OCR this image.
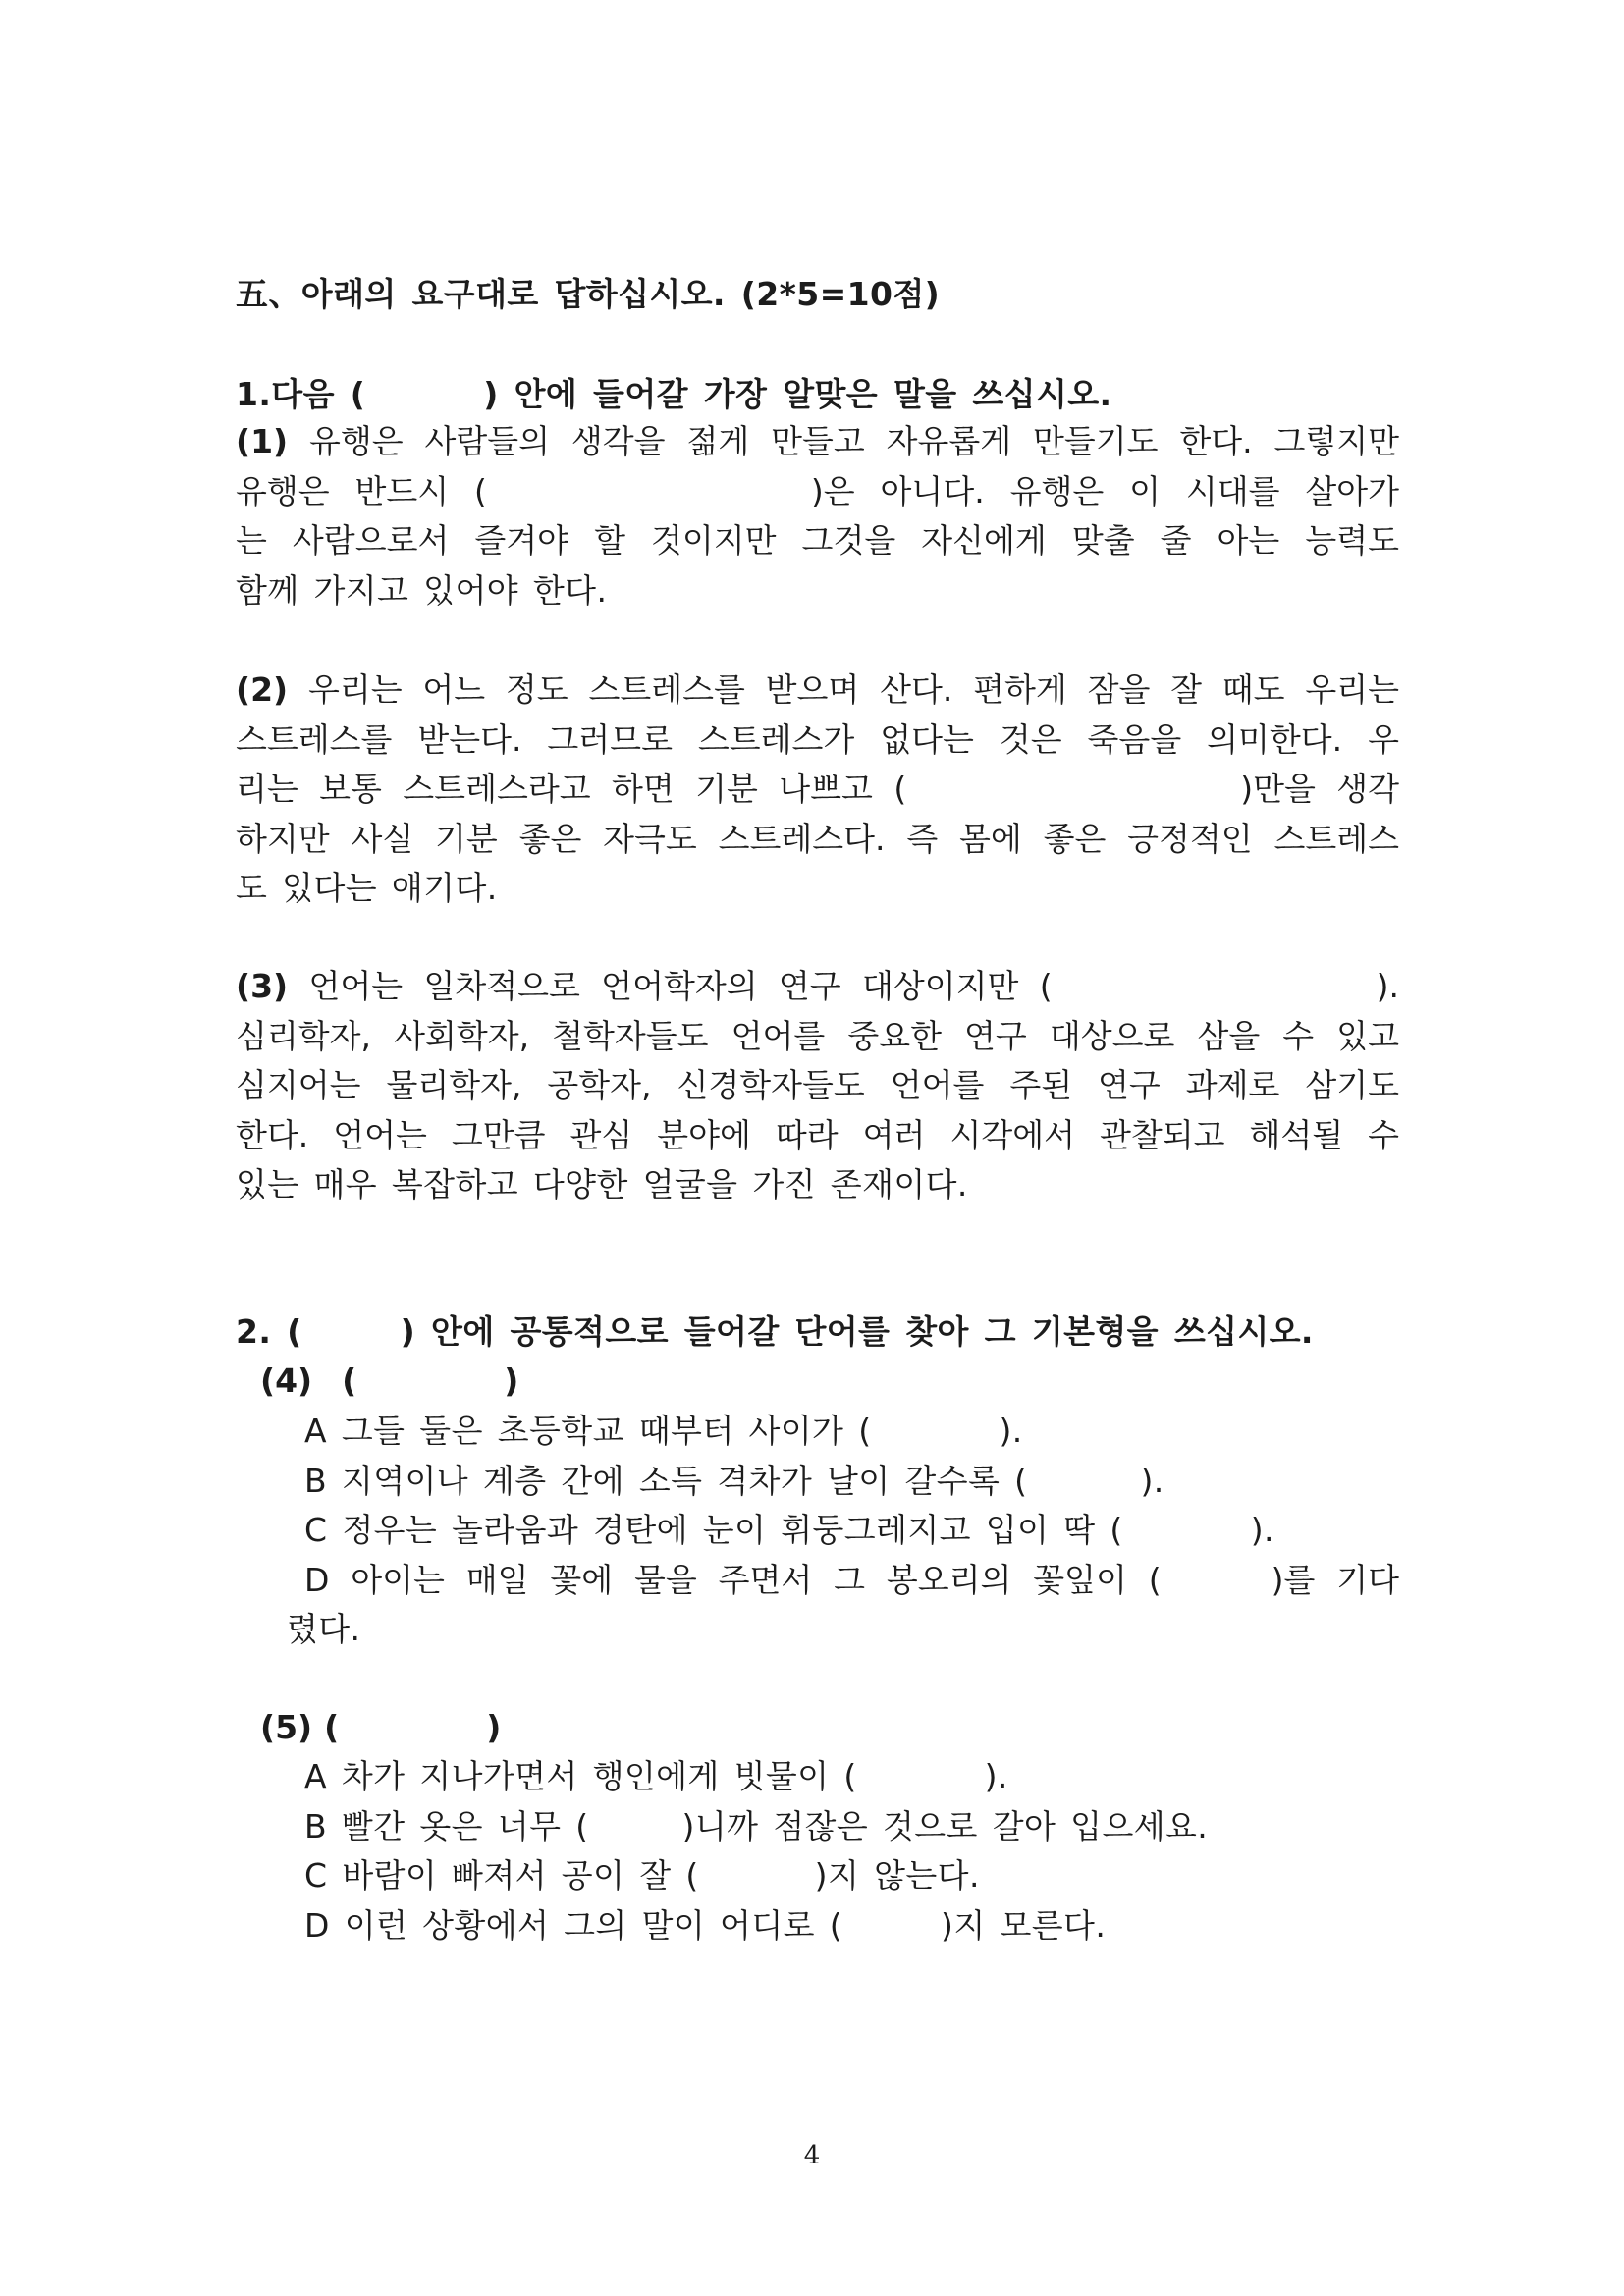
五、아래의 요구대로 답하십시오. (2*5=10점)
1.다음 (	) 안에 들어갈 가장 알맞은 말을 쓰십시오.
(1) 유행은 사람들의 생각을 젊게 만들고 자유롭게 만들기도 한다. 그렇지만
유행은 반드시 (	)은 아니다. 유행은 이 시대를 살아가
는 사람으로서 즐겨야 할 것이지만 그것을 자신에게 맞출 줄 아는 능력도
함께 가지고 있어야 한다.
(2) 우리는 어느 정도 스트레스를 받으며 산다. 편하게 잠을 잘 때도 우리는
스트레스를 받는다. 그러므로 스트레스가 없다는 것은 죽음을 의미한다. 우
리는 보통 스트레스라고 하면 기분 나쁘고 (	)만을 생각
하지만 사실 기분 좋은 자극도 스트레스다. 즉 몸에 좋은 긍정적인 스트레스
도 있다는 얘기다.
(3) 언어는 일차적으로 언어학자의 연구 대상이지만 (	).
심리학자, 사회학자, 철학자들도 언어를 중요한 연구 대상으로 삼을 수 있고
심지어는 물리학자, 공학자, 신경학자들도 언어를 주된 연구 과제로 삼기도
한다. 언어는 그만큼 관심 분야에 따라 여러 시각에서 관찰되고 해석될 수
있는 매우 복잡하고 다양한 얼굴을 가진 존재이다.
2. (	) 안에 공통적으로 들어갈 단어를 찾아 그 기본형을 쓰십시오.
(4) (	)
A 그들 둘은 초등학교 때부터 사이가 (	).
B 지역이나 계층 간에 소득 격차가 날이 갈수록 (	).
C 정우는 놀라움과 경탄에 눈이 휘둥그레지고 입이 딱 (	).
D 아이는 매일 꽃에 물을 주면서 그 봉오리의 꽃잎이 (	)를 기다
렸다.
(5) (	)
A 차가 지나가면서 행인에게 빗물이 (	).
B 빨간 옷은 너무 (	)니까 점잖은 것으로 갈아 입으세요.
C 바람이 빠져서 공이 잘 (	)지 않는다.
D 이런 상황에서 그의 말이 어디로 (	)지 모른다.
4
